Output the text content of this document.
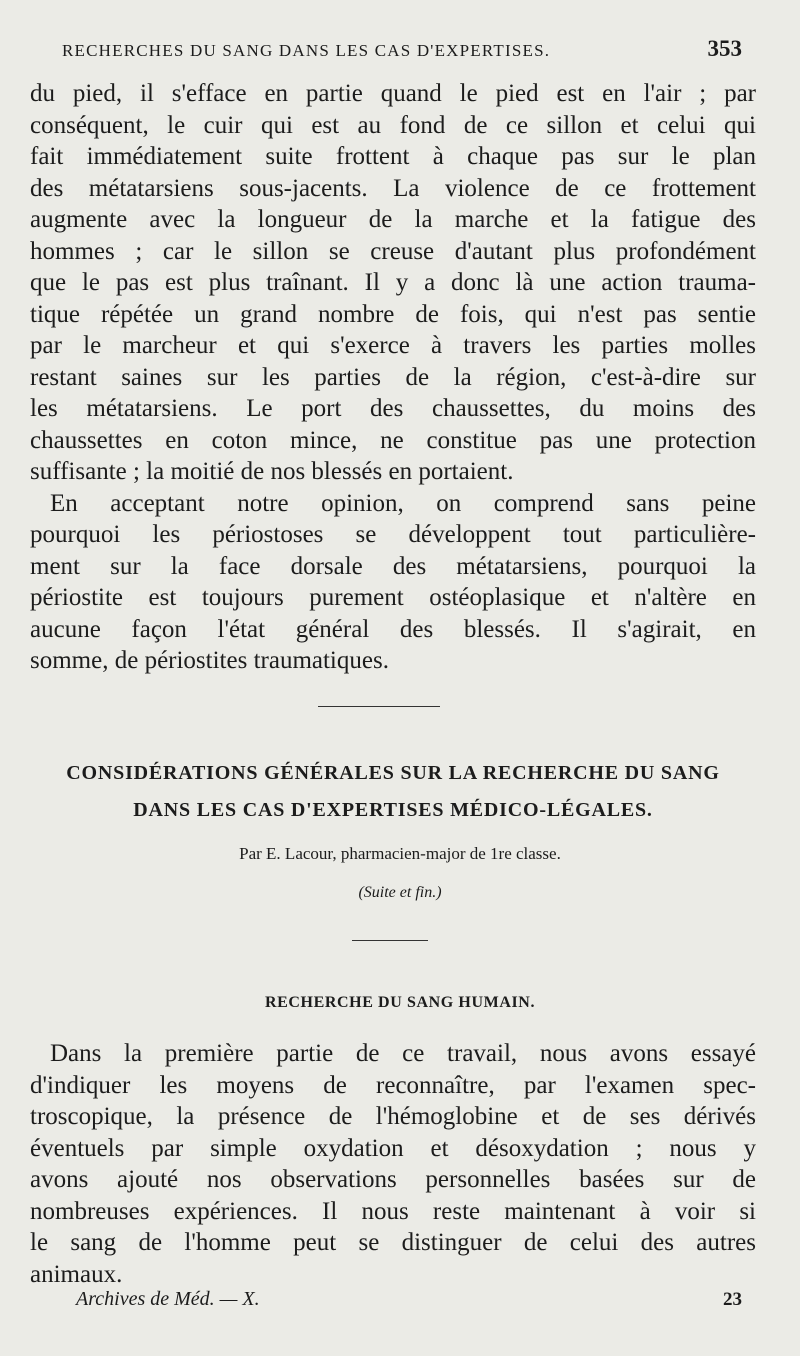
RECHERCHES DU SANG DANS LES CAS D'EXPERTISES.	353
du pied, il s'efface en partie quand le pied est en l'air ; par
conséquent, le cuir qui est au fond de ce sillon et celui qui
fait immédiatement suite frottent à chaque pas sur le plan
des métatarsiens sous-jacents. La violence de ce frottement
augmente avec la longueur de la marche et la fatigue des
hommes ; car le sillon se creuse d'autant plus profondément
que le pas est plus traînant. Il y a donc là une action trauma-
tique répétée un grand nombre de fois, qui n'est pas sentie
par le marcheur et qui s'exerce à travers les parties molles
restant saines sur les parties de la région, c'est-à-dire sur
les métatarsiens. Le port des chaussettes, du moins des
chaussettes en coton mince, ne constitue pas une protection
suffisante ; la moitié de nos blessés en portaient.
En acceptant notre opinion, on comprend sans peine
pourquoi les périostoses se développent tout particulière-
ment sur la face dorsale des métatarsiens, pourquoi la
périostite est toujours purement ostéoplasique et n'altère en
aucune façon l'état général des blessés. Il s'agirait, en
somme, de périostites traumatiques.
CONSIDÉRATIONS GÉNÉRALES SUR LA RECHERCHE DU SANG
DANS LES CAS D'EXPERTISES MÉDICO-LÉGALES.
Par E. Lacour, pharmacien-major de 1re classe.
(Suite et fin.)
RECHERCHE DU SANG HUMAIN.
Dans la première partie de ce travail, nous avons essayé
d'indiquer les moyens de reconnaître, par l'examen spec-
troscopique, la présence de l'hémoglobine et de ses dérivés
éventuels par simple oxydation et désoxydation ; nous y
avons ajouté nos observations personnelles basées sur de
nombreuses expériences. Il nous reste maintenant à voir si
le sang de l'homme peut se distinguer de celui des autres
animaux.
Archives de Méd. — X.	23
